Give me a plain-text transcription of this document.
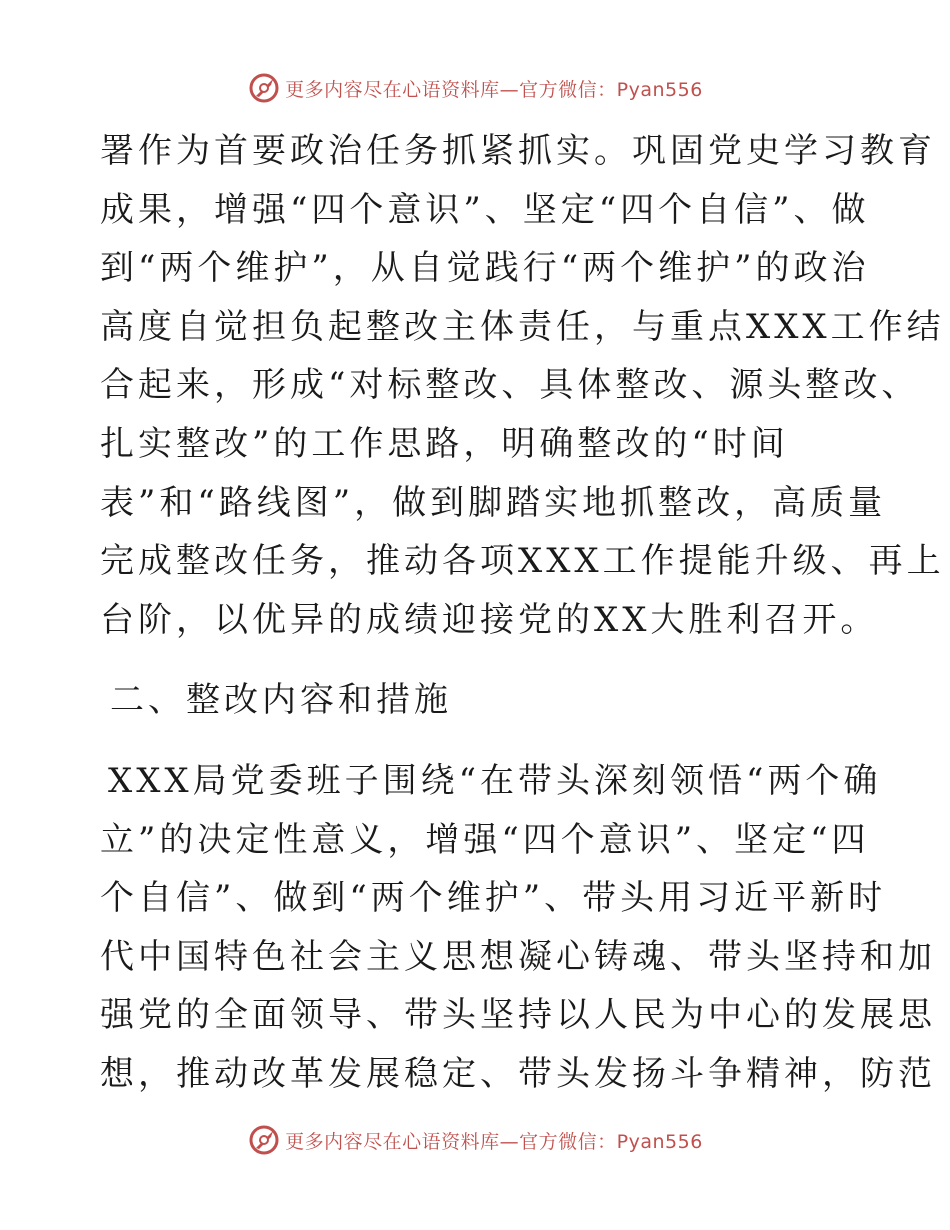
更多内容尽在心语资料库—官方微信：Pyan556
署作为首要政治任务抓紧抓实。巩固党史学习教育
成果，增强“四个意识”、坚定“四个自信”、做
到“两个维护”，从自觉践行“两个维护”的政治
高度自觉担负起整改主体责任，与重点XXX工作结
合起来，形成“对标整改、具体整改、源头整改、
扎实整改”的工作思路，明确整改的“时间
表”和“路线图”，做到脚踏实地抓整改，高质量
完成整改任务，推动各项XXX工作提能升级、再上
台阶，以优异的成绩迎接党的XX大胜利召开。
二、整改内容和措施
XXX局党委班子围绕“在带头深刻领悟“两个确
立”的决定性意义，增强“四个意识”、坚定“四
个自信”、做到“两个维护”、带头用习近平新时
代中国特色社会主义思想凝心铸魂、带头坚持和加
强党的全面领导、带头坚持以人民为中心的发展思
想，推动改革发展稳定、带头发扬斗争精神，防范
更多内容尽在心语资料库—官方微信：Pyan556
